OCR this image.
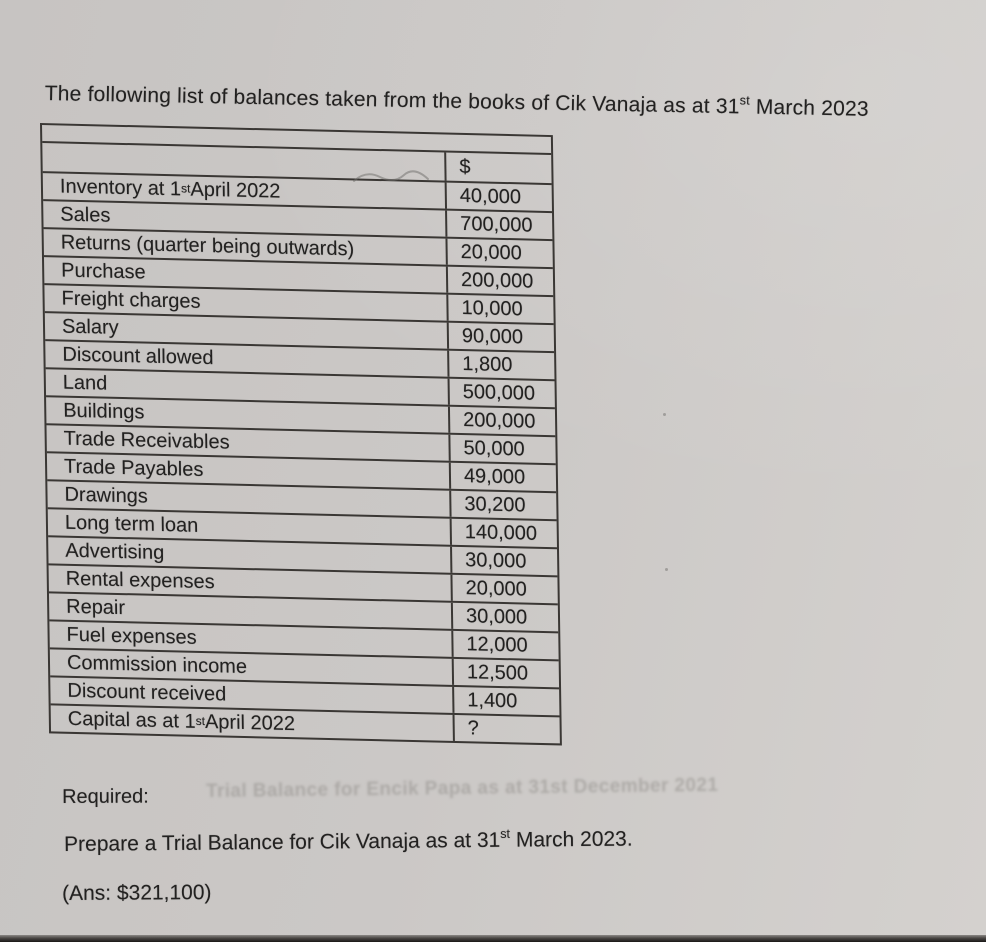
The following list of balances taken from the books of Cik Vanaja as at 31st March 2023
$
Inventory at 1st April 2022	40,000
Sales	700,000
Returns (quarter being outwards)	20,000
Purchase	200,000
Freight charges	10,000
Salary	90,000
Discount allowed	1,800
Land	500,000
Buildings	200,000
Trade Receivables	50,000
Trade Payables	49,000
Drawings	30,200
Long term loan	140,000
Advertising	30,000
Rental expenses	20,000
Repair	30,000
Fuel expenses	12,000
Commission income	12,500
Discount received	1,400
Capital as at 1st April 2022	?
Trial Balance for Encik Papa as at 31st December 2021
Required:
Prepare a Trial Balance for Cik Vanaja as at 31st March 2023.
(Ans: $321,100)
